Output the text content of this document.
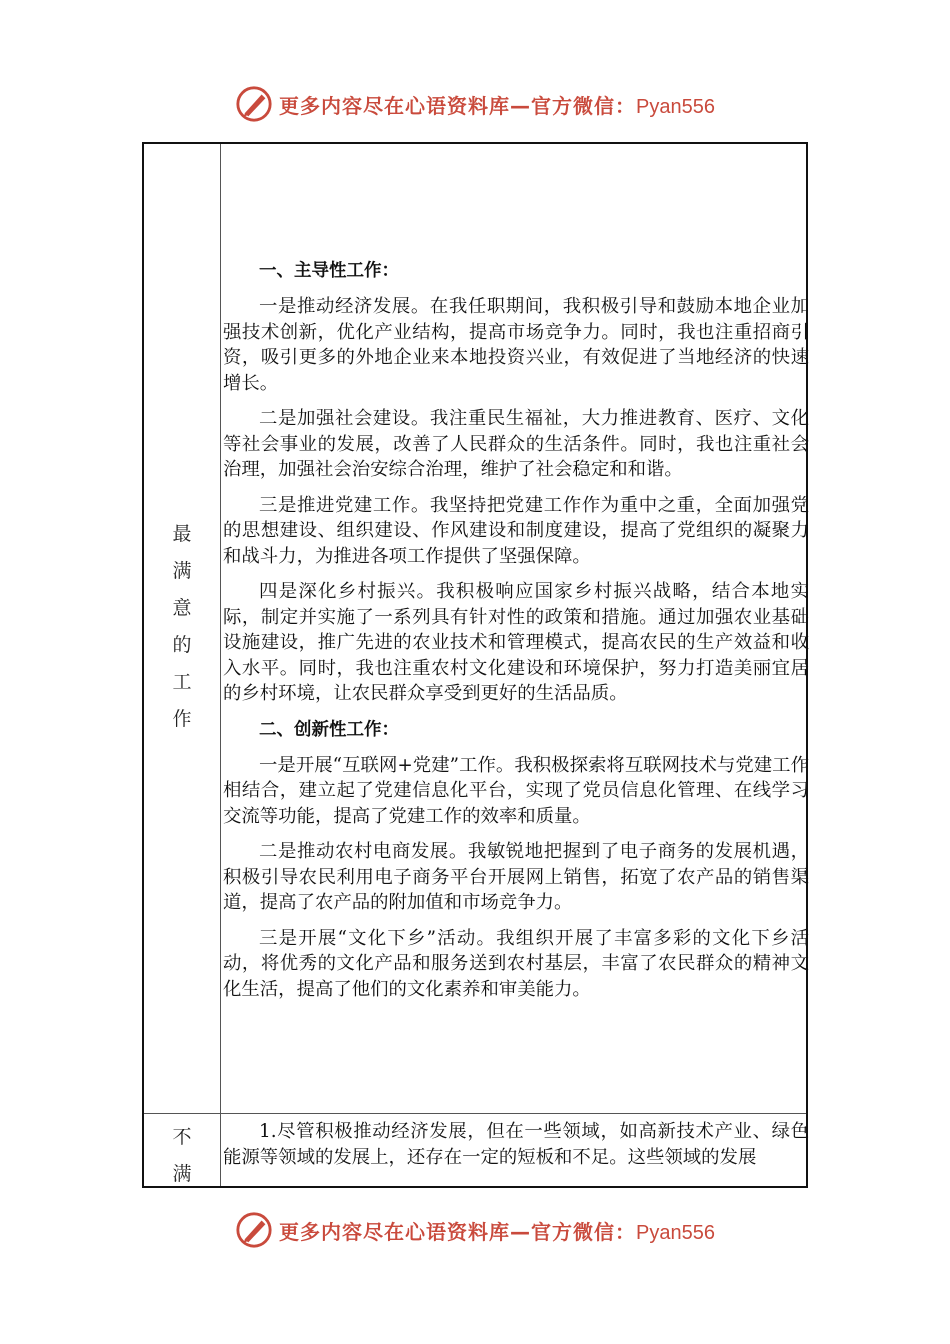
更多内容尽在心语资料库—官方微信：Pyan556
最
满
意
的
工
作

一、主导性工作：

一是推动经济发展。在我任职期间，我积极引导和鼓励本地企业加强技术创新，优化产业结构，提高市场竞争力。同时，我也注重招商引资，吸引更多的外地企业来本地投资兴业，有效促进了当地经济的快速增长。

二是加强社会建设。我注重民生福祉，大力推进教育、医疗、文化等社会事业的发展，改善了人民群众的生活条件。同时，我也注重社会治理，加强社会治安综合治理，维护了社会稳定和和谐。

三是推进党建工作。我坚持把党建工作作为重中之重，全面加强党的思想建设、组织建设、作风建设和制度建设，提高了党组织的凝聚力和战斗力，为推进各项工作提供了坚强保障。

四是深化乡村振兴。我积极响应国家乡村振兴战略，结合本地实际，制定并实施了一系列具有针对性的政策和措施。通过加强农业基础设施建设，推广先进的农业技术和管理模式，提高农民的生产效益和收入水平。同时，我也注重农村文化建设和环境保护，努力打造美丽宜居的乡村环境，让农民群众享受到更好的生活品质。

二、创新性工作：

一是开展“互联网+党建”工作。我积极探索将互联网技术与党建工作相结合，建立起了党建信息化平台，实现了党员信息化管理、在线学习交流等功能，提高了党建工作的效率和质量。

二是推动农村电商发展。我敏锐地把握到了电子商务的发展机遇，积极引导农民利用电子商务平台开展网上销售，拓宽了农产品的销售渠道，提高了农产品的附加值和市场竞争力。

三是开展“文化下乡”活动。我组织开展了丰富多彩的文化下乡活动，将优秀的文化产品和服务送到农村基层，丰富了农民群众的精神文化生活，提高了他们的文化素养和审美能力。

不
满

1.尽管积极推动经济发展，但在一些领域，如高新技术产业、绿色能源等领域的发展上，还存在一定的短板和不足。这些领域的发展

更多内容尽在心语资料库—官方微信：Pyan556
